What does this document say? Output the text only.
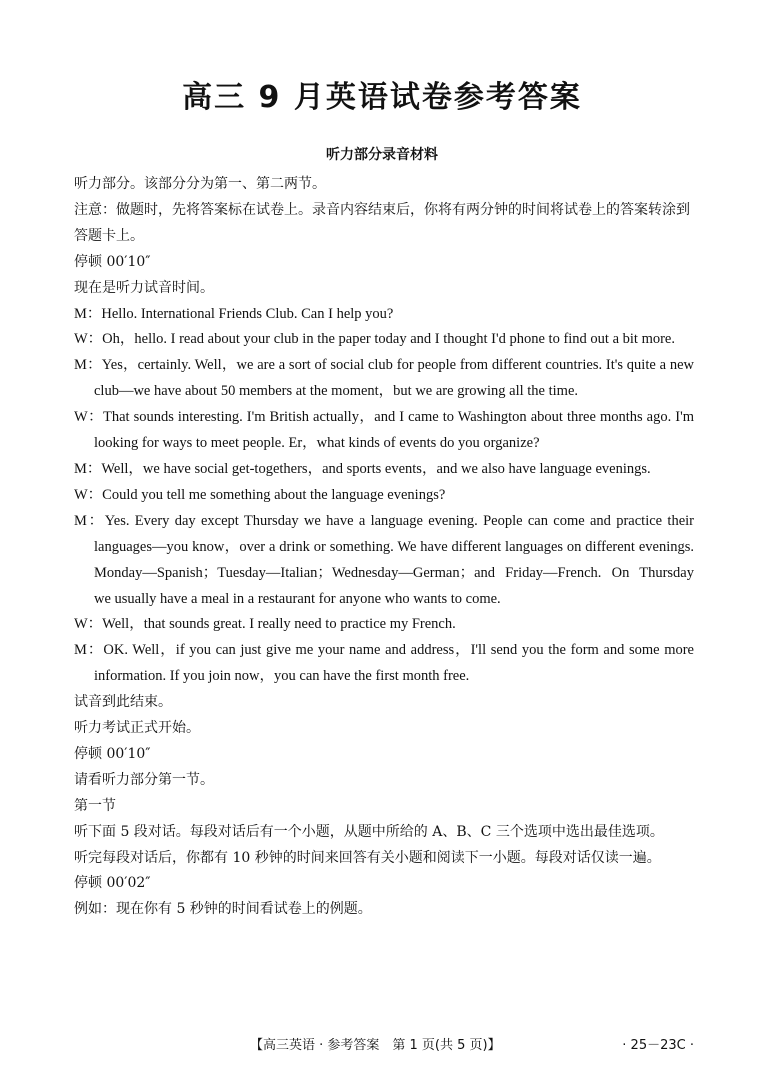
高三 9 月英语试卷参考答案
听力部分录音材料
听力部分。该部分分为第一、第二两节。
注意：做题时，先将答案标在试卷上。录音内容结束后，你将有两分钟的时间将试卷上的答案转涂到答题卡上。
停顿 00′10″
现在是听力试音时间。
M：Hello. International Friends Club. Can I help you?
W：Oh，hello. I read about your club in the paper today and I thought I'd phone to find out a bit more.
M：Yes，certainly. Well，we are a sort of social club for people from different countries. It's quite a new club—we have about 50 members at the moment，but we are growing all the time.
W：That sounds interesting. I'm British actually，and I came to Washington about three months ago. I'm looking for ways to meet people. Er，what kinds of events do you organize?
M：Well，we have social get-togethers，and sports events，and we also have language evenings.
W：Could you tell me something about the language evenings?
M：Yes. Every day except Thursday we have a language evening. People can come and practice their languages—you know，over a drink or something. We have different languages on different evenings. Monday—Spanish；Tuesday—Italian；Wednesday—German；and Friday—French. On Thursday we usually have a meal in a restaurant for anyone who wants to come.
W：Well，that sounds great. I really need to practice my French.
M：OK. Well，if you can just give me your name and address，I'll send you the form and some more information. If you join now，you can have the first month free.
试音到此结束。
听力考试正式开始。
停顿 00′10″
请看听力部分第一节。
第一节
听下面 5 段对话。每段对话后有一个小题，从题中所给的 A、B、C 三个选项中选出最佳选项。
听完每段对话后，你都有 10 秒钟的时间来回答有关小题和阅读下一小题。每段对话仅读一遍。
停顿 00′02″
例如：现在你有 5 秒钟的时间看试卷上的例题。
【高三英语 · 参考答案　第 1 页(共 5 页)】	· 25－23C ·
